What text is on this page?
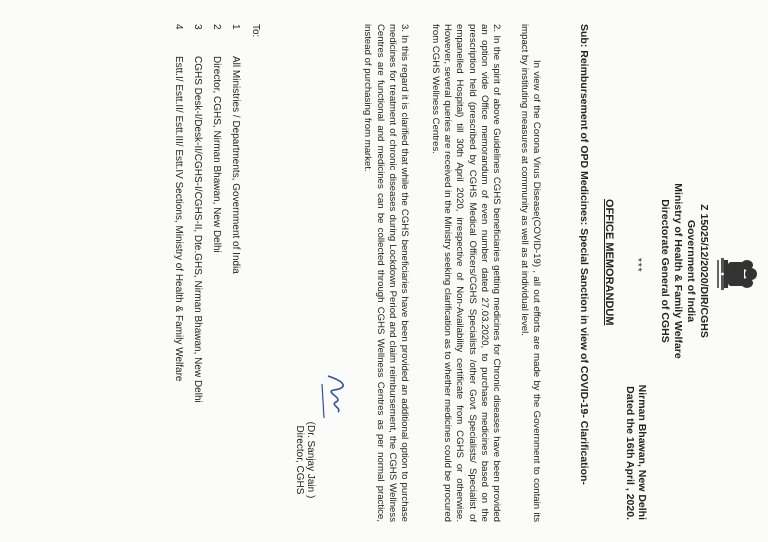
Z 15025/12/2020/DIR/CGHS
Government of India
Ministry of Health & Family Welfare
Directorate General of CGHS
Nirman Bhawan, New Delhi
Dated the 16th April , 2020.
***
OFFICE MEMORANDUM
Sub: Reimbursement of OPD Medicines: Special Sanction in view of COVID-19- Clarification-
In view of the Corona Virus Disease(COVID-19) , all out efforts are made by the Government to contain its impact by instituting measures at community as well as at individual level.
2. In the spirit of above Guidelines CGHS beneficiaries getting medicines for Chronic diseases have been provided an option vide Office memorandum of even number dated 27.03.2020, to purchase medicines based on the prescription held (prescribed by CGHS Medical Officers/CGHS Specialists /other Govt Specialists/ Specialist of empanelled Hospital) till 30th April 2020, irrespective of Non-Availability certificate from CGHS or otherwise. However, several queries are received in the Ministry seeking clarification as to whether medicines could be procured from CGHS Wellness Centres.
3. In this regard it is clarified that while the CGHS beneficiaries have been provided an additional option to purchase medicines for treatment of chronic diseases during Lockdown Period and claim reimbursement, the CGHS Wellness Centres are functional and medicines can be collected through CGHS Wellness Centres as per normal practice, instead of purchasing from market.
(Dr. Sanjay Jain )
Director, CGHS
To:
1All Ministries / Departments, Government of India
2Director, CGHS, Nirman Bhawan, New Delhi
3CGHS Desk-I/Desk-II/CGHS-I/CGHS-II, Dte.GHS, Nirman Bhawan, New Delhi
4Estt.I/ Estt.II/ Estt.III/ Estt.IV Sections, Ministry of Health & Family Welfare
